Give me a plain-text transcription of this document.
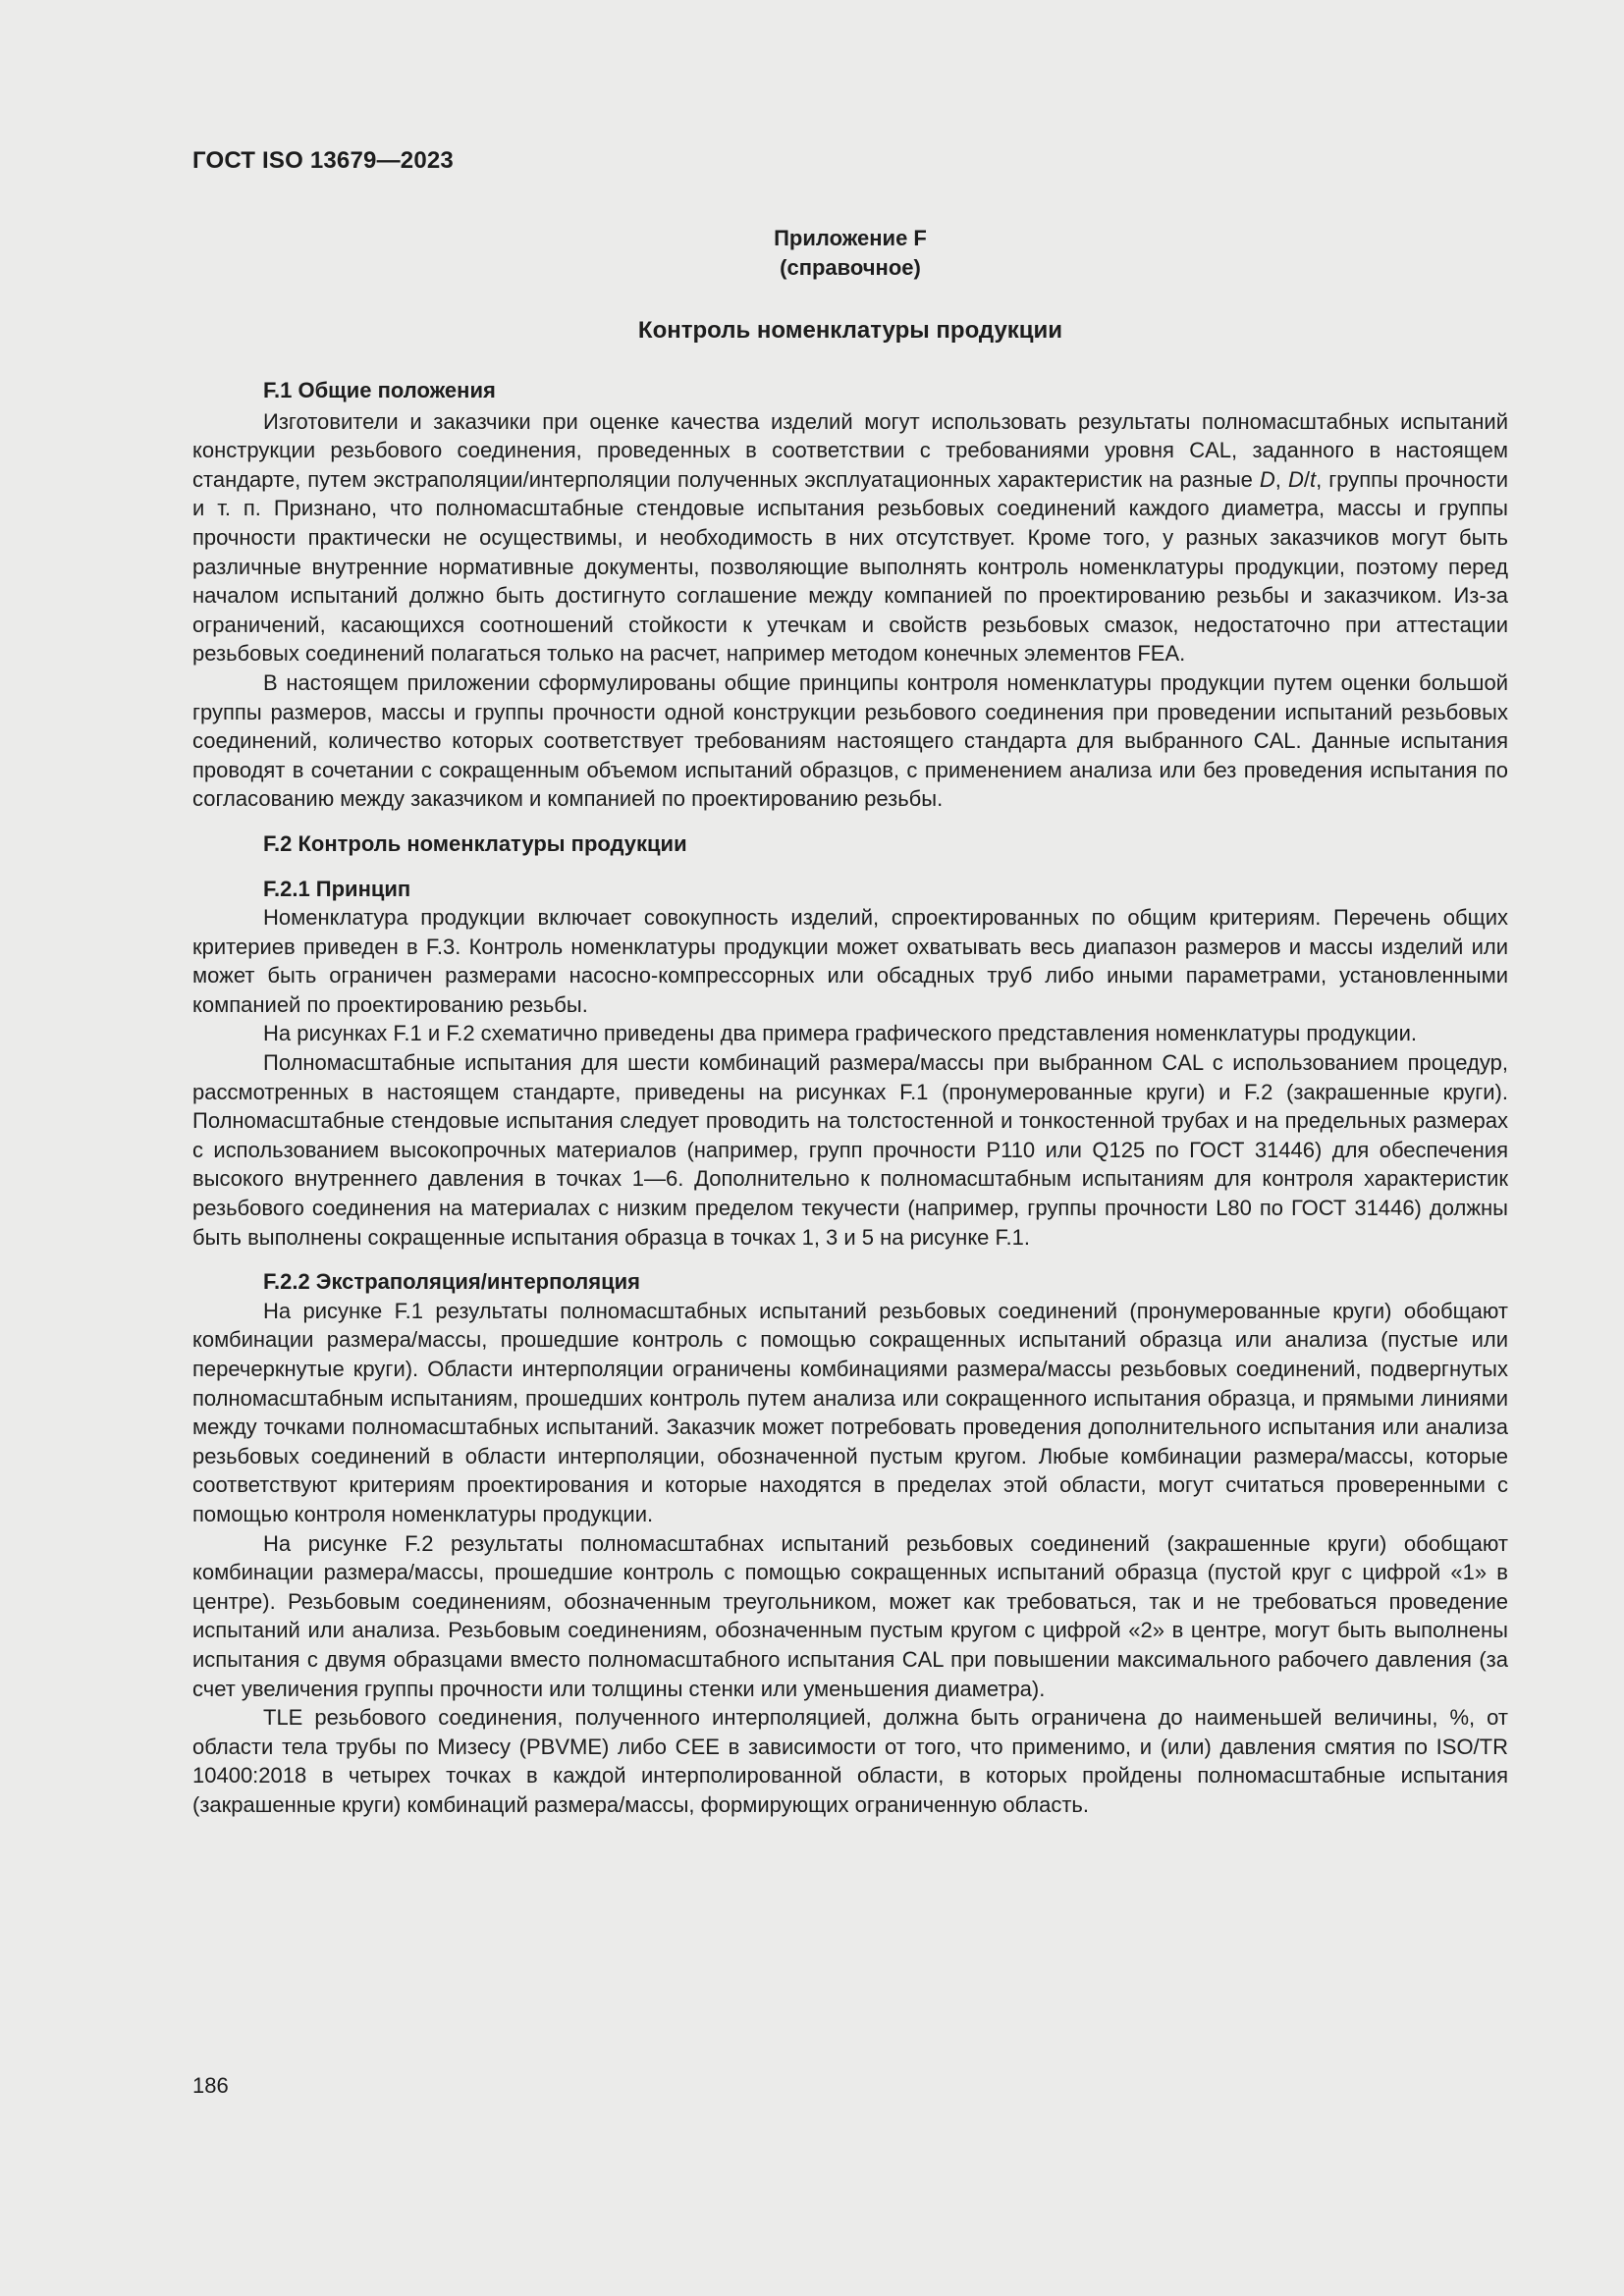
ГОСТ ISO 13679—2023
Приложение F
(справочное)
Контроль номенклатуры продукции

F.1 Общие положения

Изготовители и заказчики при оценке качества изделий могут использовать результаты полномасштабных испытаний конструкции резьбового соединения, проведенных в соответствии с требованиями уровня CAL, заданного в настоящем стандарте, путем экстраполяции/интерполяции полученных эксплуатационных характеристик на разные D, D/t, группы прочности и т. п. Признано, что полномасштабные стендовые испытания резьбовых соединений каждого диаметра, массы и группы прочности практически не осуществимы, и необходимость в них отсутствует. Кроме того, у разных заказчиков могут быть различные внутренние нормативные документы, позволяющие выполнять контроль номенклатуры продукции, поэтому перед началом испытаний должно быть достигнуто соглашение между компанией по проектированию резьбы и заказчиком. Из-за ограничений, касающихся соотношений стойкости к утечкам и свойств резьбовых смазок, недостаточно при аттестации резьбовых соединений полагаться только на расчет, например методом конечных элементов FEA.

В настоящем приложении сформулированы общие принципы контроля номенклатуры продукции путем оценки большой группы размеров, массы и группы прочности одной конструкции резьбового соединения при проведении испытаний резьбовых соединений, количество которых соответствует требованиям настоящего стандарта для выбранного CAL. Данные испытания проводят в сочетании с сокращенным объемом испытаний образцов, с применением анализа или без проведения испытания по согласованию между заказчиком и компанией по проектированию резьбы.

F.2 Контроль номенклатуры продукции

F.2.1 Принцип

Номенклатура продукции включает совокупность изделий, спроектированных по общим критериям. Перечень общих критериев приведен в F.3. Контроль номенклатуры продукции может охватывать весь диапазон размеров и массы изделий или может быть ограничен размерами насосно-компрессорных или обсадных труб либо иными параметрами, установленными компанией по проектированию резьбы.

На рисунках F.1 и F.2 схематично приведены два примера графического представления номенклатуры продукции.

Полномасштабные испытания для шести комбинаций размера/массы при выбранном CAL с использованием процедур, рассмотренных в настоящем стандарте, приведены на рисунках F.1 (пронумерованные круги) и F.2 (закрашенные круги). Полномасштабные стендовые испытания следует проводить на толстостенной и тонкостенной трубах и на предельных размерах с использованием высокопрочных материалов (например, групп прочности P110 или Q125 по ГОСТ 31446) для обеспечения высокого внутреннего давления в точках 1—6. Дополнительно к полномасштабным испытаниям для контроля характеристик резьбового соединения на материалах с низким пределом текучести (например, группы прочности L80 по ГОСТ 31446) должны быть выполнены сокращенные испытания образца в точках 1, 3 и 5 на рисунке F.1.

F.2.2 Экстраполяция/интерполяция

На рисунке F.1 результаты полномасштабных испытаний резьбовых соединений (пронумерованные круги) обобщают комбинации размера/массы, прошедшие контроль с помощью сокращенных испытаний образца или анализа (пустые или перечеркнутые круги). Области интерполяции ограничены комбинациями размера/массы резьбовых соединений, подвергнутых полномасштабным испытаниям, прошедших контроль путем анализа или сокращенного испытания образца, и прямыми линиями между точками полномасштабных испытаний. Заказчик может потребовать проведения дополнительного испытания или анализа резьбовых соединений в области интерполяции, обозначенной пустым кругом. Любые комбинации размера/массы, которые соответствуют критериям проектирования и которые находятся в пределах этой области, могут считаться проверенными с помощью контроля номенклатуры продукции.

На рисунке F.2 результаты полномасштабнах испытаний резьбовых соединений (закрашенные круги) обобщают комбинации размера/массы, прошедшие контроль с помощью сокращенных испытаний образца (пустой круг с цифрой «1» в центре). Резьбовым соединениям, обозначенным треугольником, может как требоваться, так и не требоваться проведение испытаний или анализа. Резьбовым соединениям, обозначенным пустым кругом с цифрой «2» в центре, могут быть выполнены испытания с двумя образцами вместо полномасштабного испытания CAL при повышении максимального рабочего давления (за счет увеличения группы прочности или толщины стенки или уменьшения диаметра).

TLE резьбового соединения, полученного интерполяцией, должна быть ограничена до наименьшей величины, %, от области тела трубы по Мизесу (PBVME) либо CEE в зависимости от того, что применимо, и (или) давления смятия по ISO/TR 10400:2018 в четырех точках в каждой интерполированной области, в которых пройдены полномасштабные испытания (закрашенные круги) комбинаций размера/массы, формирующих ограниченную область.

186
